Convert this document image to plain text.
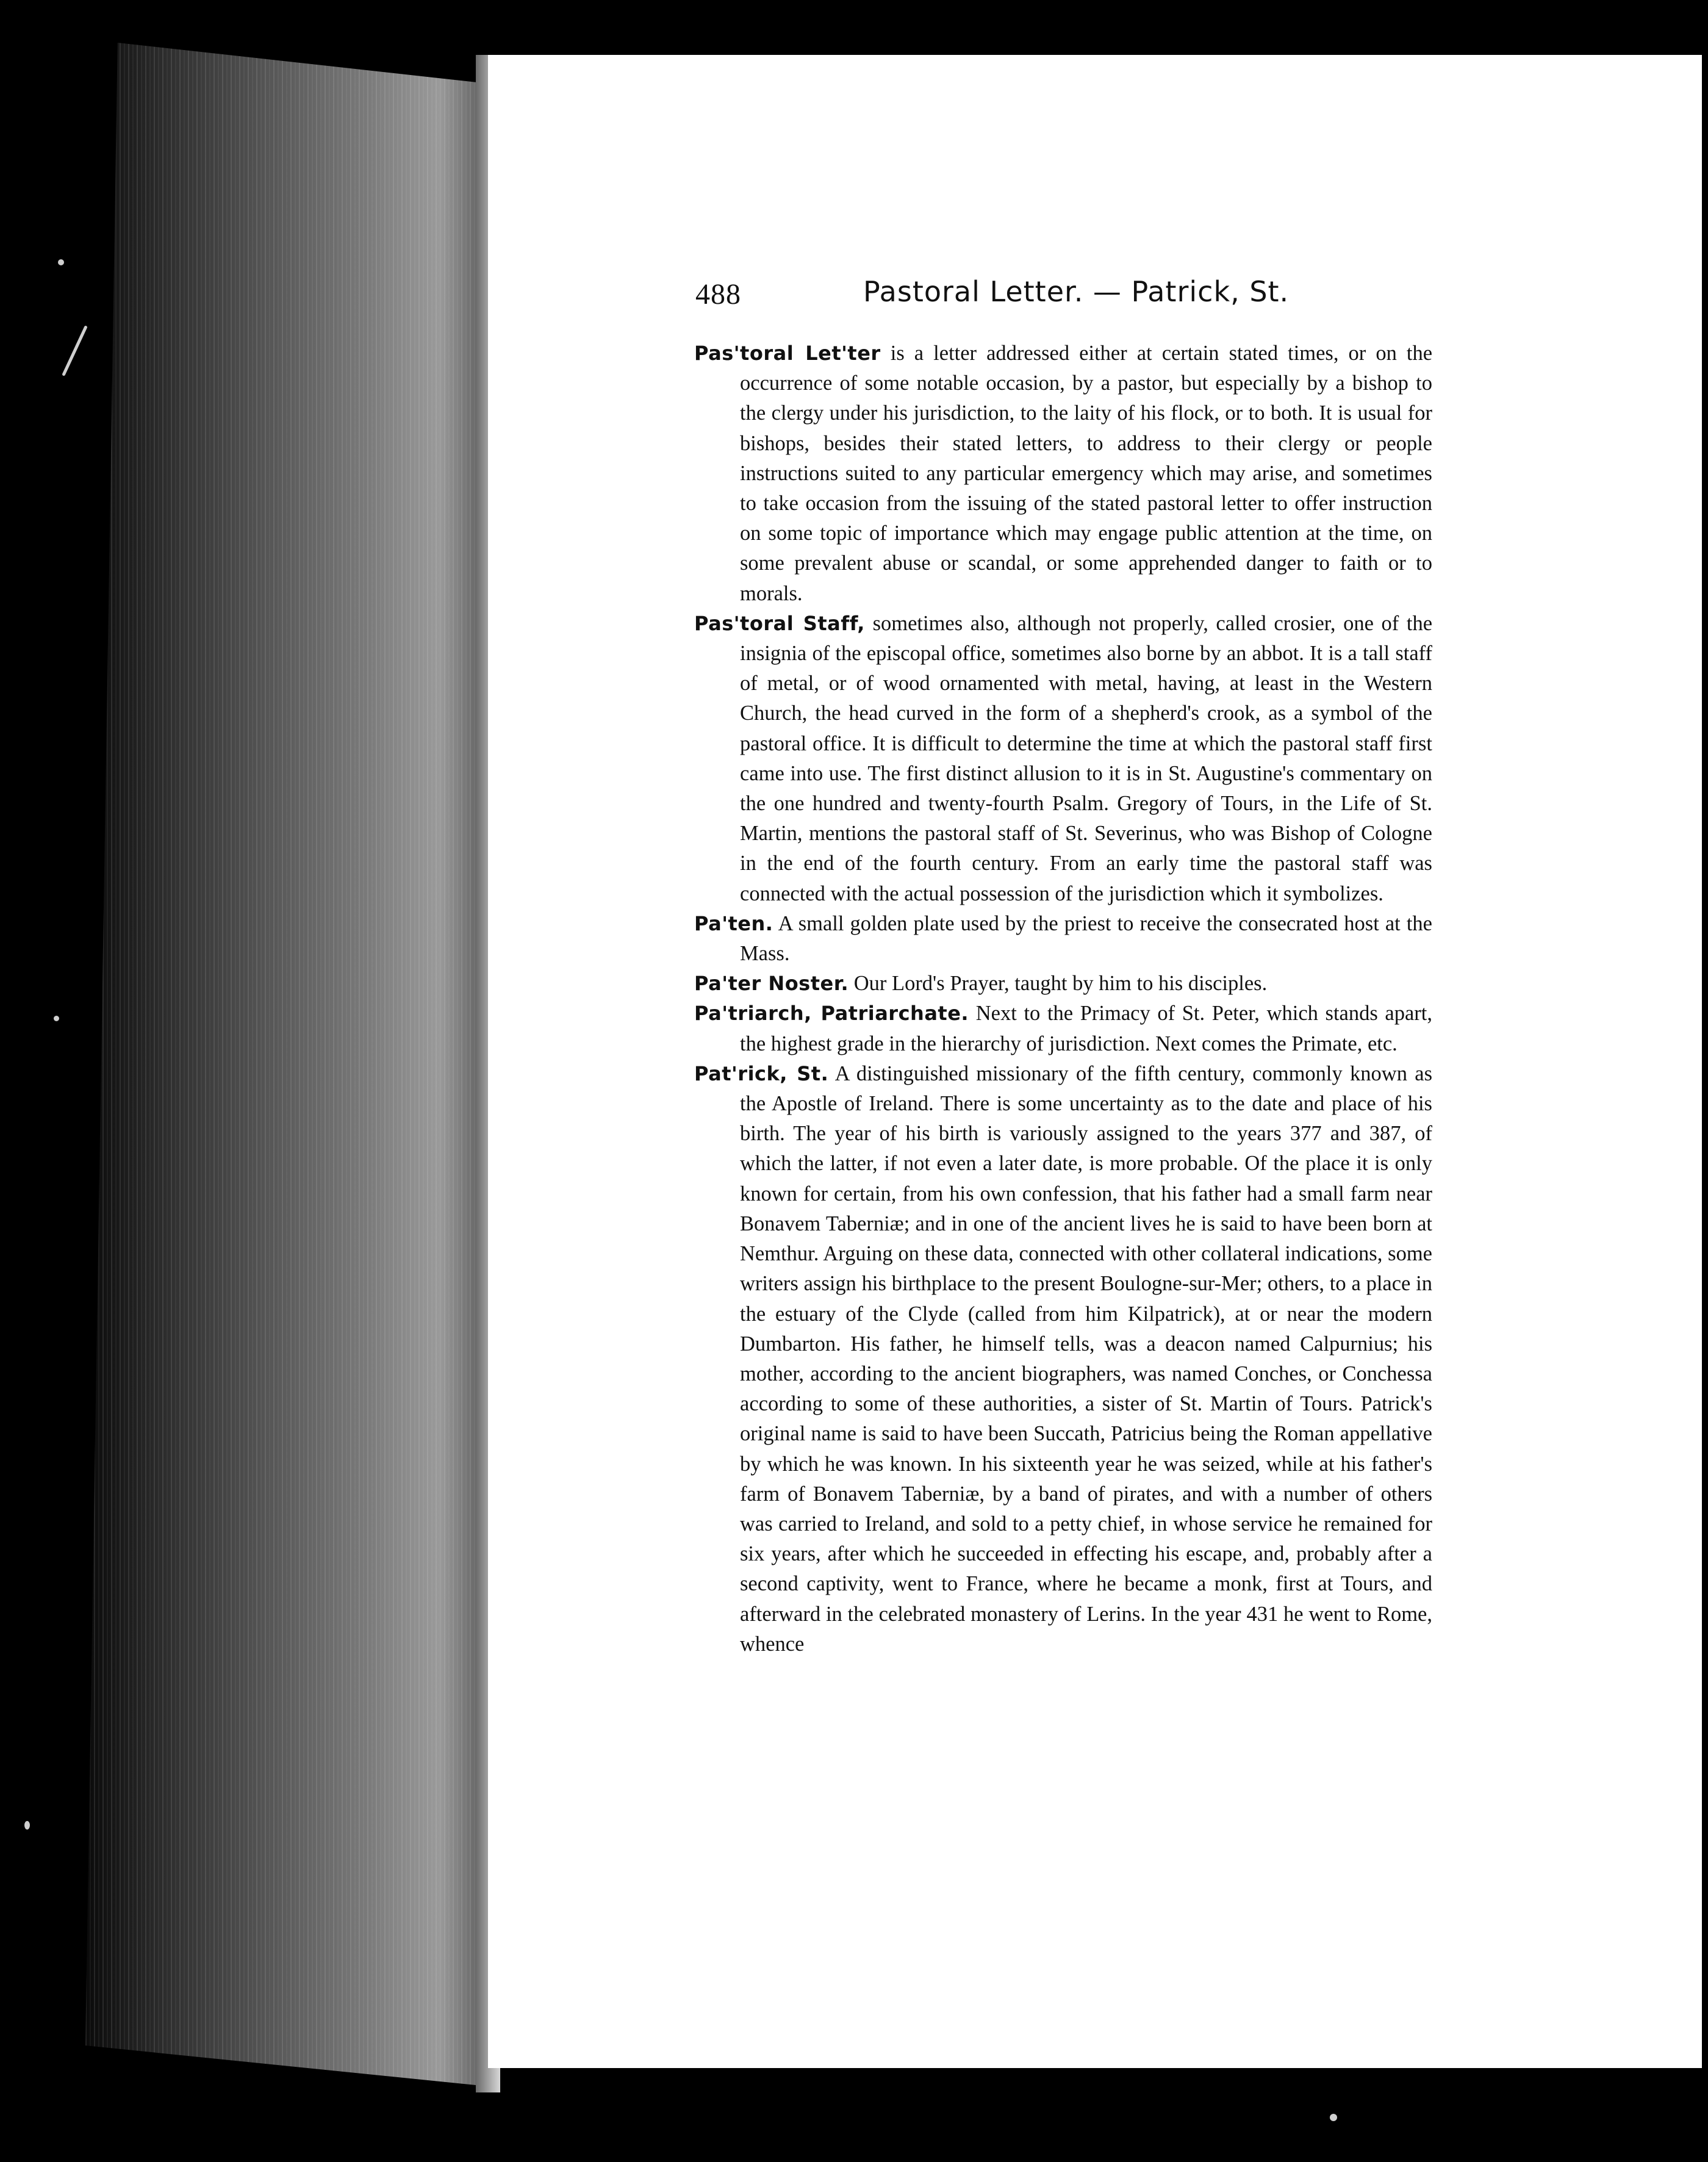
488	Pastoral Letter. — Patrick, St.

Pas'toral Let'ter is a letter addressed either at certain stated times, or on the occurrence of some notable occasion, by a pastor, but especially by a bishop to the clergy under his jurisdiction, to the laity of his flock, or to both. It is usual for bishops, besides their stated letters, to address to their clergy or people instructions suited to any particular emergency which may arise, and sometimes to take occasion from the issuing of the stated pastoral letter to offer instruction on some topic of importance which may engage public attention at the time, on some prevalent abuse or scandal, or some apprehended danger to faith or to morals.

Pas'toral Staff, sometimes also, although not properly, called crosier, one of the insignia of the episcopal office, sometimes also borne by an abbot. It is a tall staff of metal, or of wood ornamented with metal, having, at least in the Western Church, the head curved in the form of a shepherd's crook, as a symbol of the pastoral office. It is difficult to determine the time at which the pastoral staff first came into use. The first distinct allusion to it is in St. Augustine's commentary on the one hundred and twenty-fourth Psalm. Gregory of Tours, in the Life of St. Martin, mentions the pastoral staff of St. Severinus, who was Bishop of Cologne in the end of the fourth century. From an early time the pastoral staff was connected with the actual possession of the jurisdiction which it symbolizes.

Pa'ten. A small golden plate used by the priest to receive the consecrated host at the Mass.

Pa'ter Noster. Our Lord's Prayer, taught by him to his disciples.

Pa'triarch, Patriarchate. Next to the Primacy of St. Peter, which stands apart, the highest grade in the hierarchy of jurisdiction. Next comes the Primate, etc.

Pat'rick, St. A distinguished missionary of the fifth century, commonly known as the Apostle of Ireland. There is some uncertainty as to the date and place of his birth. The year of his birth is variously assigned to the years 377 and 387, of which the latter, if not even a later date, is more probable. Of the place it is only known for certain, from his own confession, that his father had a small farm near Bonavem Taberniæ; and in one of the ancient lives he is said to have been born at Nemthur. Arguing on these data, connected with other collateral indications, some writers assign his birthplace to the present Boulogne-sur-Mer; others, to a place in the estuary of the Clyde (called from him Kilpatrick), at or near the modern Dumbarton. His father, he himself tells, was a deacon named Calpurnius; his mother, according to the ancient biographers, was named Conches, or Conchessa according to some of these authorities, a sister of St. Martin of Tours. Patrick's original name is said to have been Succath, Patricius being the Roman appellative by which he was known. In his sixteenth year he was seized, while at his father's farm of Bonavem Taberniæ, by a band of pirates, and with a number of others was carried to Ireland, and sold to a petty chief, in whose service he remained for six years, after which he succeeded in effecting his escape, and, probably after a second captivity, went to France, where he became a monk, first at Tours, and afterward in the celebrated monastery of Lerins. In the year 431 he went to Rome, whence
